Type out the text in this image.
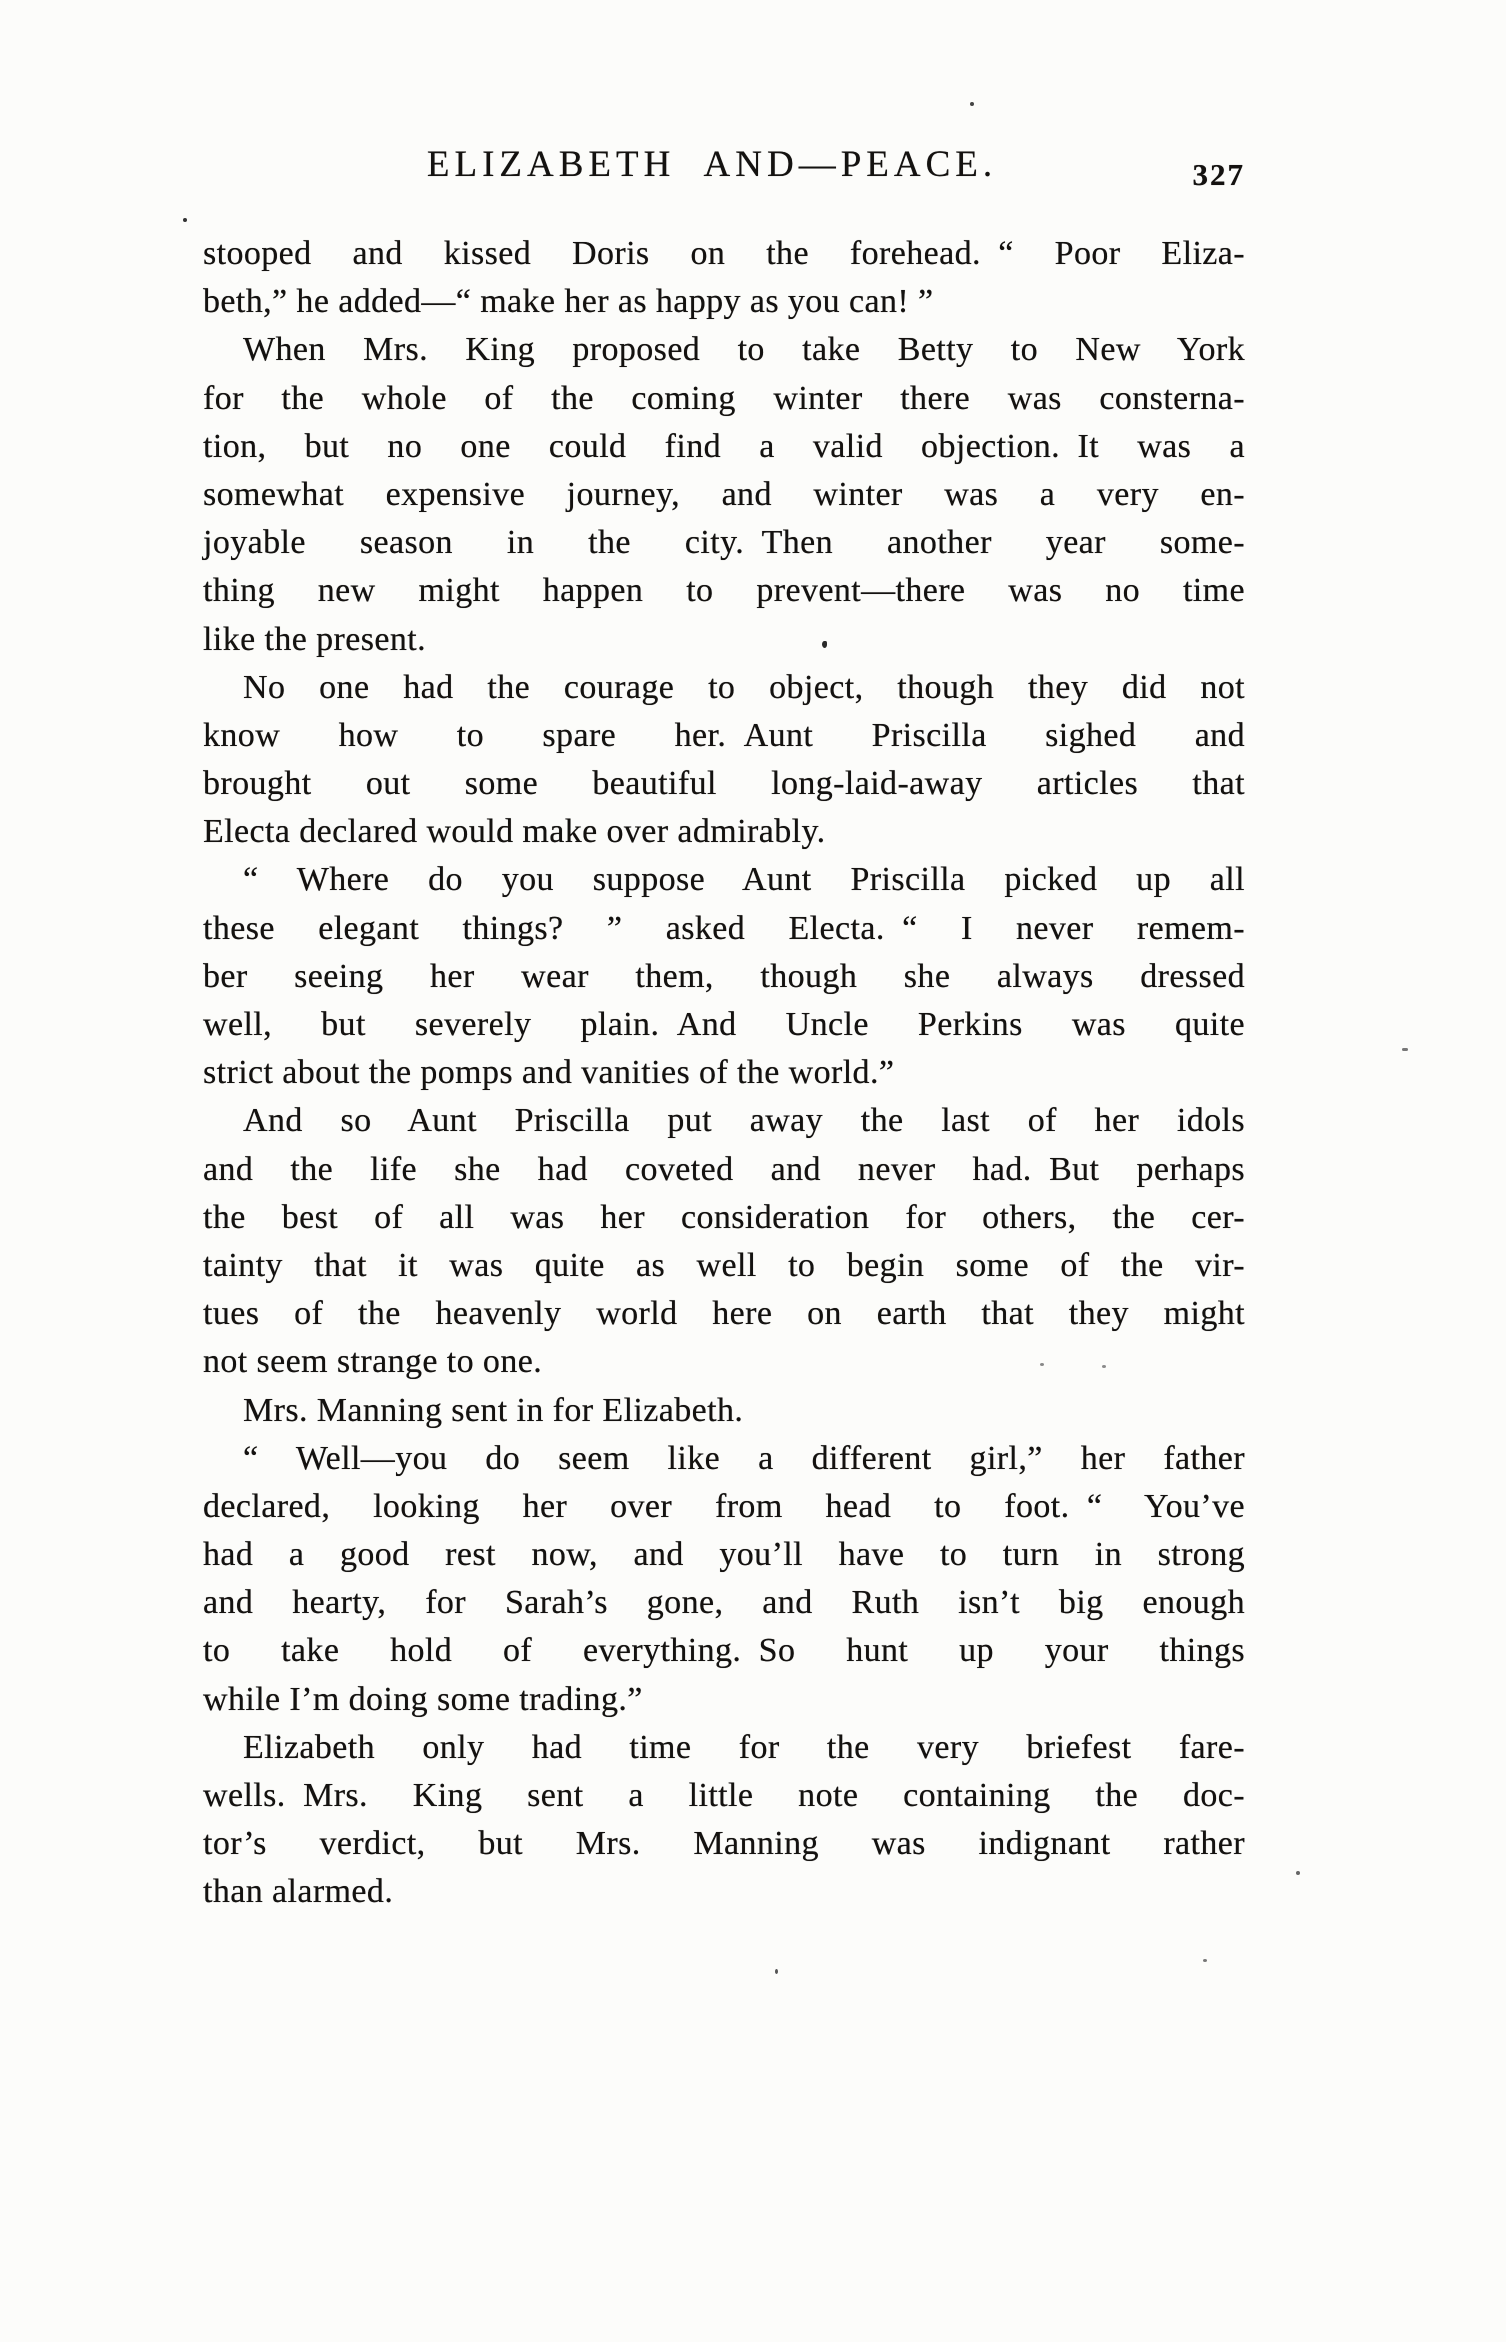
ELIZABETH AND—PEACE.	327
stooped and kissed Doris on the forehead. “ Poor Eliza-
beth,” he added—“ make her as happy as you can! ”
When Mrs. King proposed to take Betty to New York
for the whole of the coming winter there was consterna-
tion, but no one could find a valid objection. It was a
somewhat expensive journey, and winter was a very en-
joyable season in the city. Then another year some-
thing new might happen to prevent—there was no time
like the present.
No one had the courage to object, though they did not
know how to spare her. Aunt Priscilla sighed and
brought out some beautiful long-laid-away articles that
Electa declared would make over admirably.
“ Where do you suppose Aunt Priscilla picked up all
these elegant things? ” asked Electa. “ I never remem-
ber seeing her wear them, though she always dressed
well, but severely plain. And Uncle Perkins was quite
strict about the pomps and vanities of the world.”
And so Aunt Priscilla put away the last of her idols
and the life she had coveted and never had. But perhaps
the best of all was her consideration for others, the cer-
tainty that it was quite as well to begin some of the vir-
tues of the heavenly world here on earth that they might
not seem strange to one.
Mrs. Manning sent in for Elizabeth.
“ Well—you do seem like a different girl,” her father
declared, looking her over from head to foot. “ You’ve
had a good rest now, and you’ll have to turn in strong
and hearty, for Sarah’s gone, and Ruth isn’t big enough
to take hold of everything. So hunt up your things
while I’m doing some trading.”
Elizabeth only had time for the very briefest fare-
wells. Mrs. King sent a little note containing the doc-
tor’s verdict, but Mrs. Manning was indignant rather
than alarmed.
